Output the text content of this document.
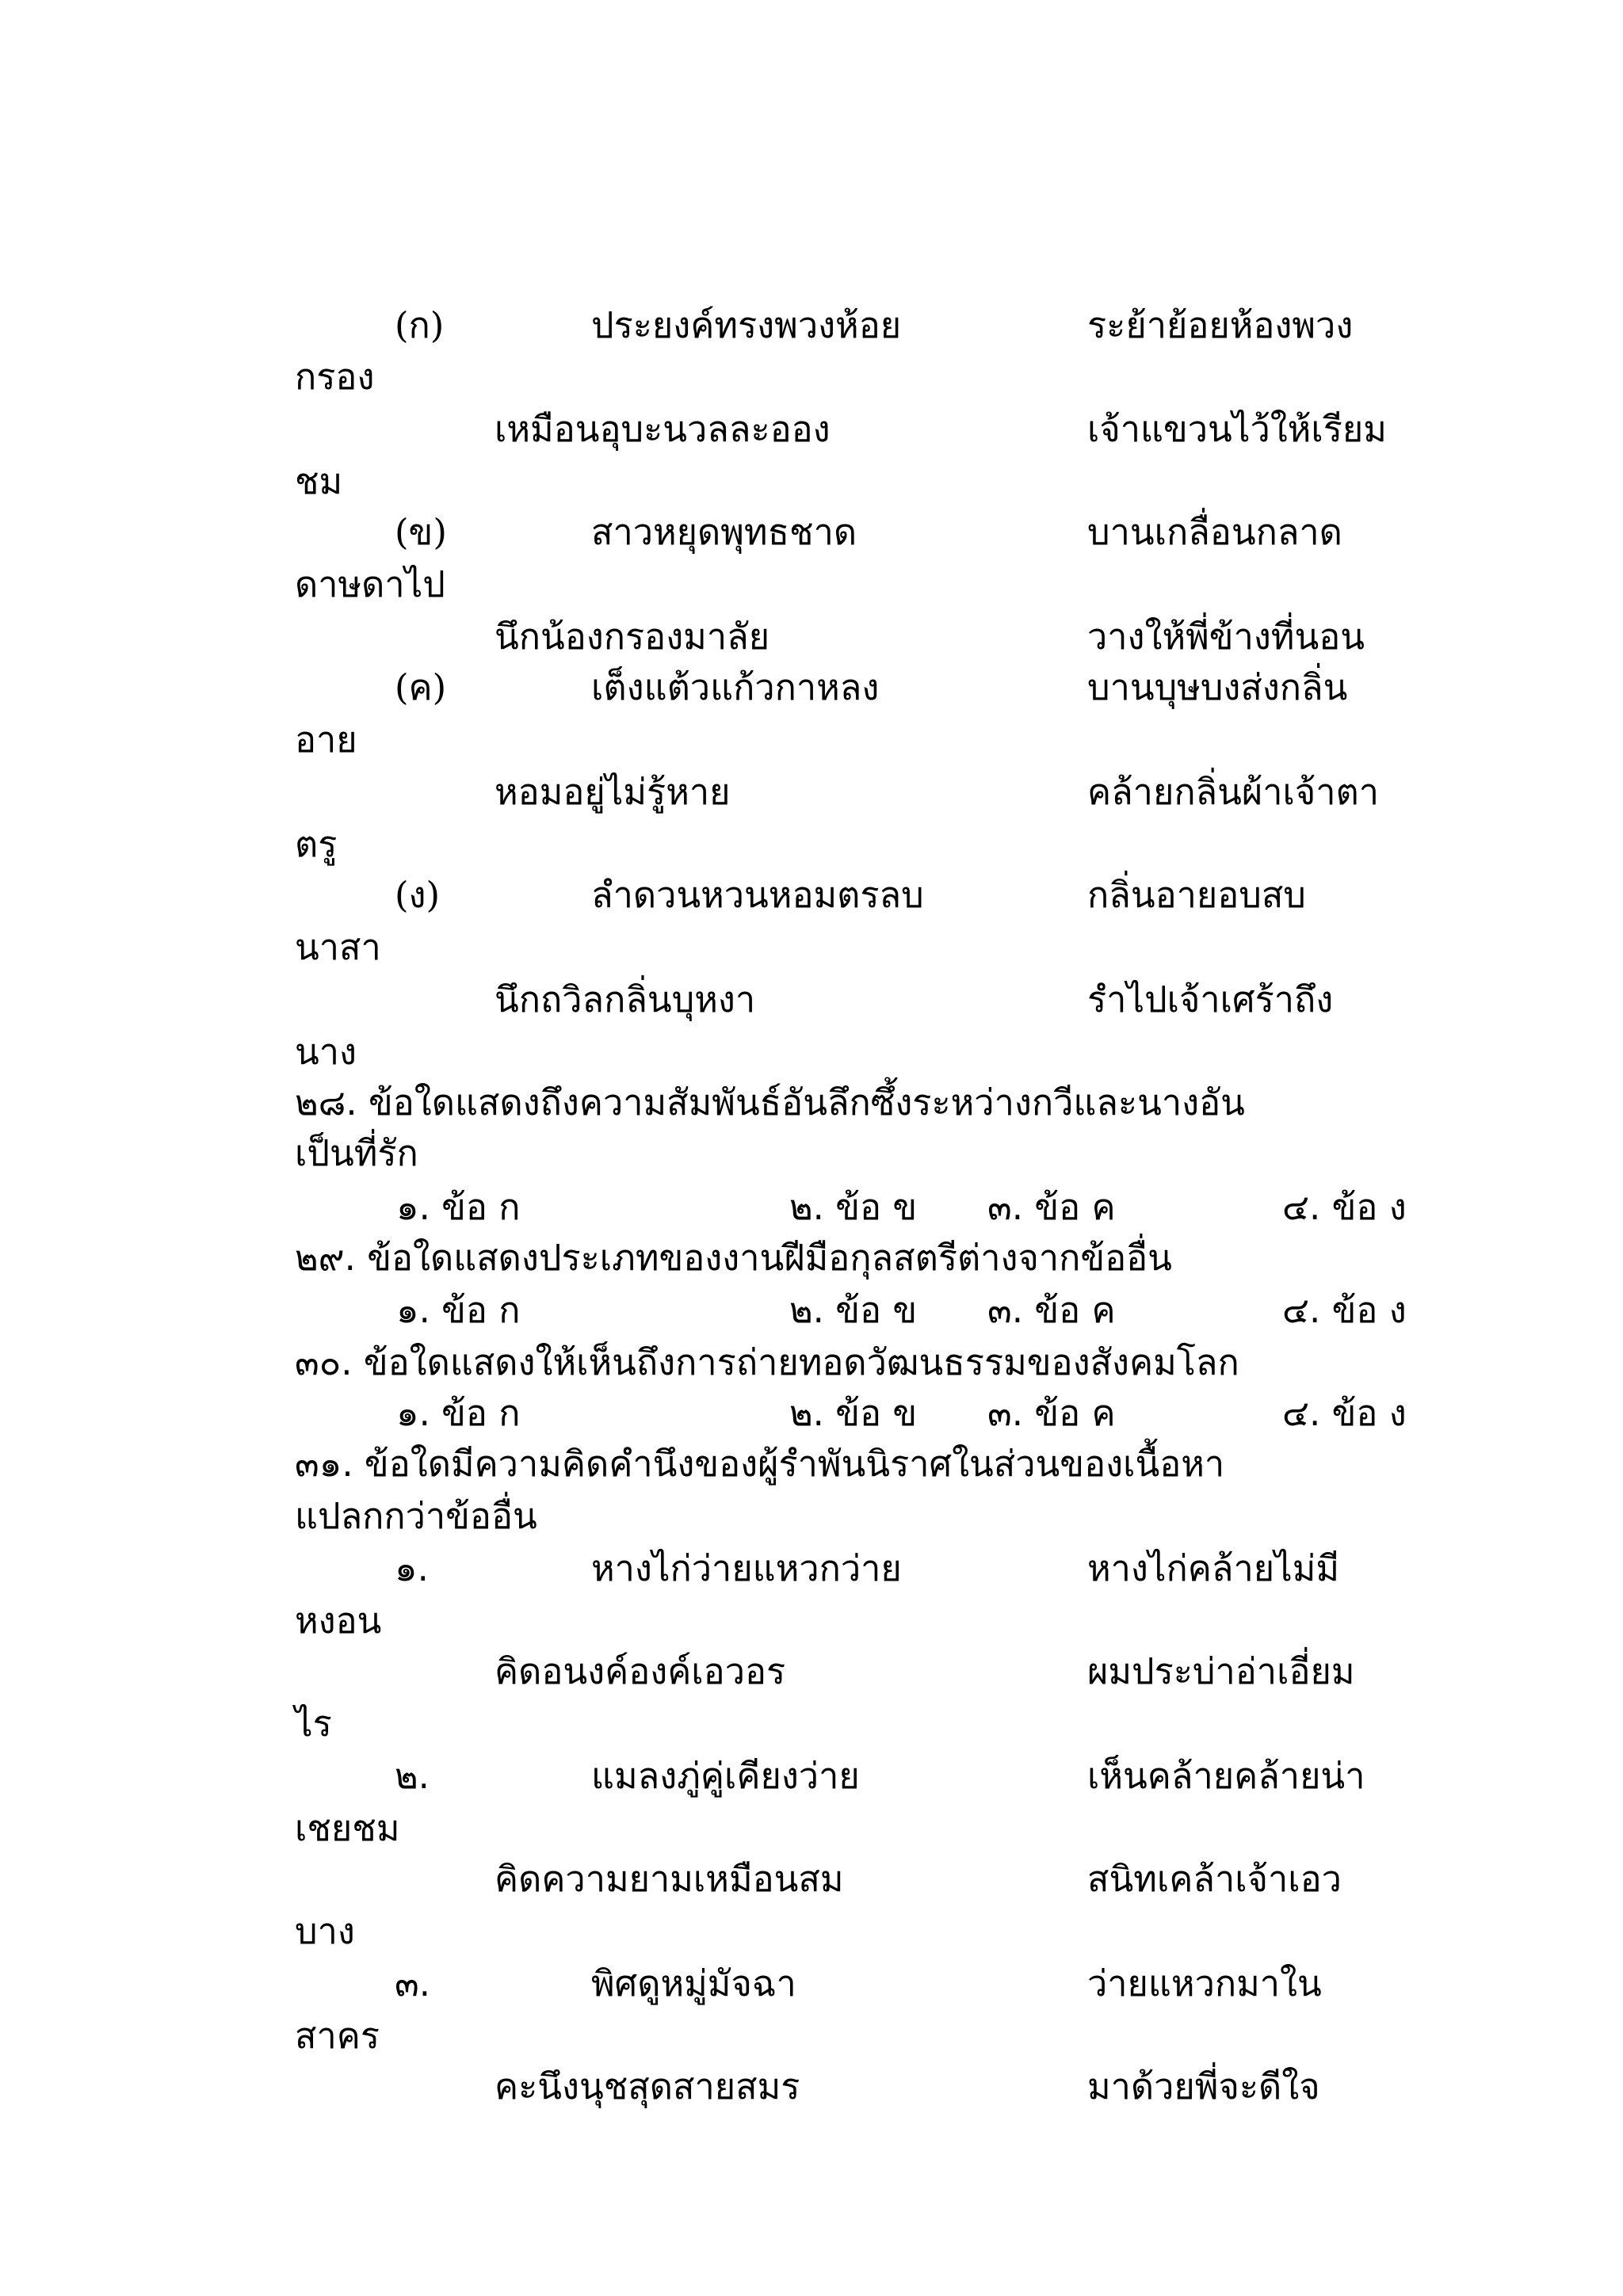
(ก)	ประยงค์ทรงพวงห้อย	ระย้าย้อยห้องพวง
กรอง
เหมือนอุบะนวลละออง	เจ้าแขวนไว้ให้เรียม
ชม
(ข)	สาวหยุดพุทธชาด	บานเกลื่อนกลาด
ดาษดาไป
นึกน้องกรองมาลัย	วางให้พี่ข้างที่นอน
(ค)	เต็งแต้วแก้วกาหลง	บานบุษบงส่งกลิ่น
อาย
หอมอยู่ไม่รู้หาย	คล้ายกลิ่นผ้าเจ้าตา
ตรู
(ง)	ลำดวนหวนหอมตรลบ	กลิ่นอายอบสบ
นาสา
นึกถวิลกลิ่นบุหงา	รำไปเจ้าเศร้าถึง
นาง
๒๘. ข้อใดแสดงถึงความสัมพันธ์อันลึกซึ้งระหว่างกวีและนางอัน
เป็นที่รัก
๑. ข้อ ก	๒. ข้อ ข ๓. ข้อ ค	๔. ข้อ ง
๒๙. ข้อใดแสดงประเภทของงานฝีมือกุลสตรีต่างจากข้ออื่น
๑. ข้อ ก	๒. ข้อ ข ๓. ข้อ ค	๔. ข้อ ง
๓๐. ข้อใดแสดงให้เห็นถึงการถ่ายทอดวัฒนธรรมของสังคมโลก
๑. ข้อ ก	๒. ข้อ ข ๓. ข้อ ค	๔. ข้อ ง
๓๑. ข้อใดมีความคิดคำนึงของผู้รำพันนิราศในส่วนของเนื้อหา
แปลกกว่าข้ออื่น
๑.	หางไก่ว่ายแหวกว่าย	หางไก่คล้ายไม่มี
หงอน
คิดอนงค์องค์เอวอร	ผมประบ่าอ่าเอี่ยม
ไร
๒.	แมลงภู่คู่เคียงว่าย	เห็นคล้ายคล้ายน่า
เชยชม
คิดความยามเหมือนสม	สนิทเคล้าเจ้าเอว
บาง
๓.	พิศดูหมู่มัจฉา	ว่ายแหวกมาใน
สาคร
คะนึงนุชสุดสายสมร	มาด้วยพี่จะดีใจ
